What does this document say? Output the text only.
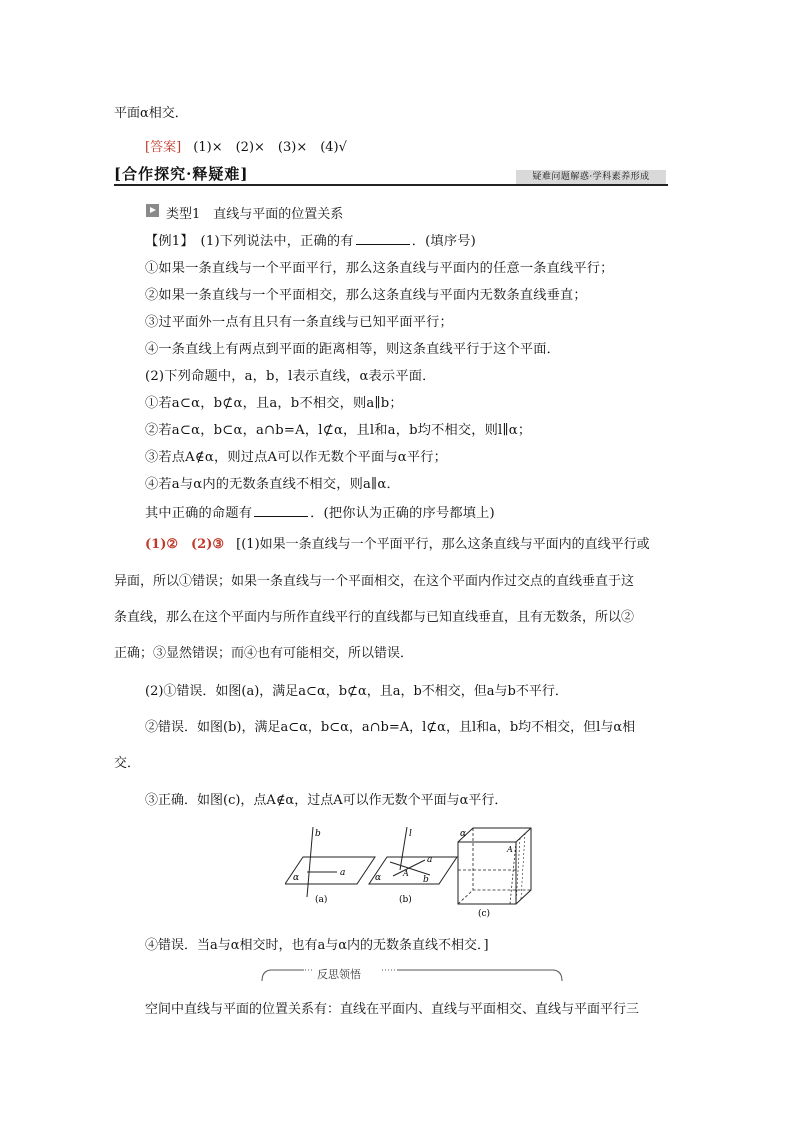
平面α相交．
[答案] (1)×　(2)×　(3)×　(4)√
[合作探究·释疑难]	疑难问题解惑·学科素养形成
类型1　直线与平面的位置关系
【例1】　(1)下列说法中，正确的有	．(填序号)
①如果一条直线与一个平面平行，那么这条直线与平面内的任意一条直线平行；
②如果一条直线与一个平面相交，那么这条直线与平面内无数条直线垂直；
③过平面外一点有且只有一条直线与已知平面平行；
④一条直线上有两点到平面的距离相等，则这条直线平行于这个平面．
(2)下列命题中，a，b，l表示直线，α表示平面．
①若a⊂α，b⊄α，且a，b不相交，则a∥b；
②若a⊂α，b⊂α，a∩b=A，l⊄α，且l和a，b均不相交，则l∥α；
③若点A∉α，则过点A可以作无数个平面与α平行；
④若a与α内的无数条直线不相交，则a∥α．
其中正确的命题有	．(把你认为正确的序号都填上)
(1)②　(2)③ [(1)如果一条直线与一个平面平行，那么这条直线与平面内的直线平行或
异面，所以①错误；如果一条直线与一个平面相交，在这个平面内作过交点的直线垂直于这
条直线，那么在这个平面内与所作直线平行的直线都与已知直线垂直，且有无数条，所以②
正确；③显然错误；而④也有可能相交，所以错误．
(2)①错误．如图(a)，满足a⊂α，b⊄α，且a，b不相交，但a与b不平行．
②错误．如图(b)，满足a⊂α，b⊂α，a∩b=A，l⊄α，且l和a，b均不相交，但l与α相
交．
③正确．如图(c)，点A∉α，过点A可以作无数个平面与α平行．
b
α	a
(a)
l
a
α	A
b
(b)
α
A
(c)
④错误．当a与α相交时，也有a与α内的无数条直线不相交．]
反思领悟
空间中直线与平面的位置关系有：直线在平面内、直线与平面相交、直线与平面平行三
